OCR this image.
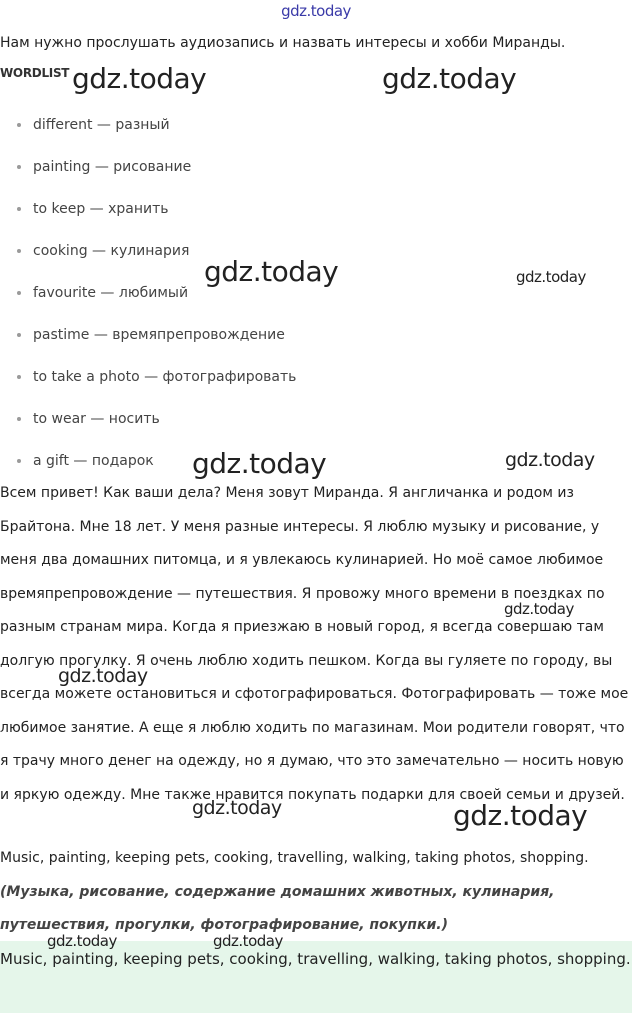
gdz.today
Нам нужно прослушать аудиозапись и назвать интересы и хобби Миранды.
WORDLIST
different — разный
painting — рисование
to keep — хранить
cooking — кулинария
favourite — любимый
pastime — времяпрепровождение
to take a photo — фотографировать
to wear — носить
a gift — подарок

Всем привет! Как ваши дела? Меня зовут Миранда. Я англичанка и родом из Брайтона. Мне 18 лет. У меня разные интересы. Я люблю музыку и рисование, у меня два домашних питомца, и я увлекаюсь кулинарией. Но моё самое любимое времяпрепровождение — путешествия. Я провожу много времени в поездках по разным странам мира. Когда я приезжаю в новый город, я всегда совершаю там долгую прогулку. Я очень люблю ходить пешком. Когда вы гуляете по городу, вы всегда можете остановиться и сфотографироваться. Фотографировать — тоже мое любимое занятие. А еще я люблю ходить по магазинам. Мои родители говорят, что я трачу много денег на одежду, но я думаю, что это замечательно — носить новую и яркую одежду. Мне также нравится покупать подарки для своей семьи и друзей.

Music, painting, keeping pets, cooking, travelling, walking, taking photos, shopping. (Музыка, рисование, содержание домашних животных, кулинария, путешествия, прогулки, фотографирование, покупки.)
Music, painting, keeping pets, cooking, travelling, walking, taking photos, shopping.
gdz.today	gdz.today
gdz.today	gdz.today
gdz.today	gdz.today
gdz.today
gdz.today
gdz.today	gdz.today
gdz.today	gdz.today
